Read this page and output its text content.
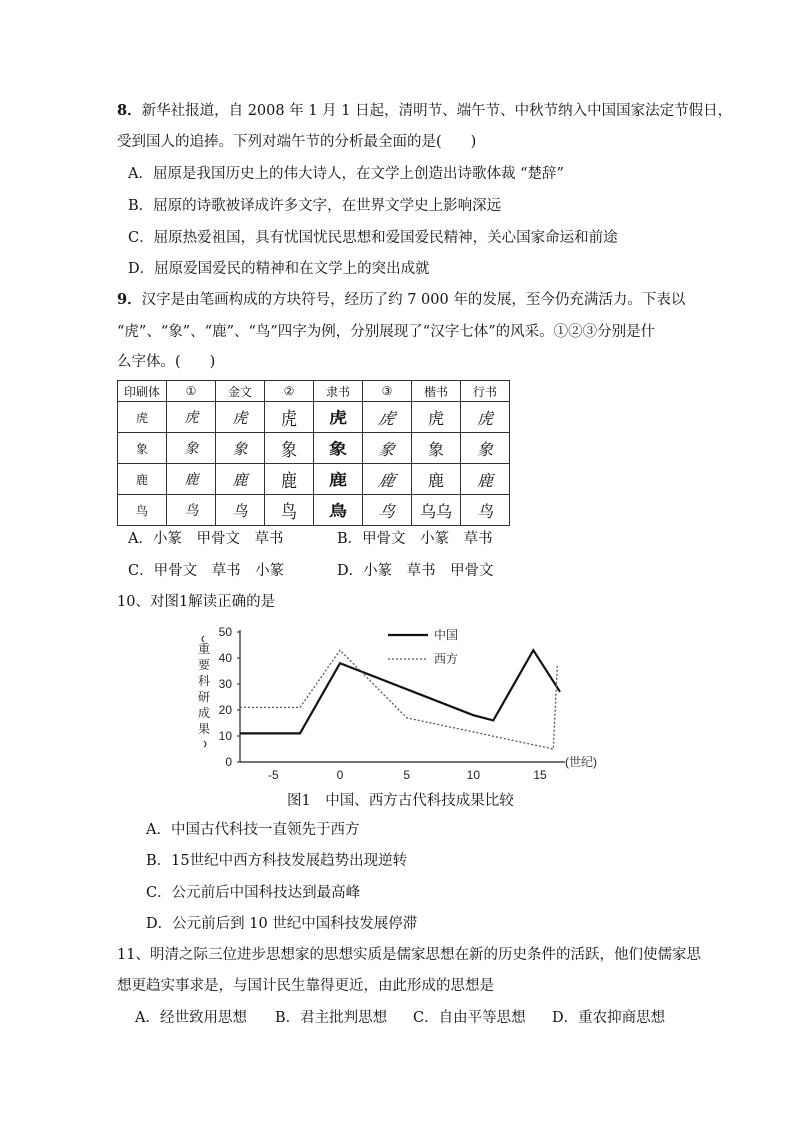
8．新华社报道，自 2008 年 1 月 1 日起，清明节、端午节、中秋节纳入中国国家法定节假日，
受到国人的追捧。下列对端午节的分析最全面的是(　　)
A．屈原是我国历史上的伟大诗人，在文学上创造出诗歌体裁 “楚辞”
B．屈原的诗歌被译成许多文字，在世界文学史上影响深远
C．屈原热爱祖国，具有忧国忧民思想和爱国爱民精神，关心国家命运和前途
D．屈原爱国爱民的精神和在文学上的突出成就
9．汉字是由笔画构成的方块符号，经历了约 7 000 年的发展，至今仍充满活力。下表以
“虎”、“象”、“鹿”、“鸟”四字为例，分别展现了“汉字七体”的风采。①②③分别是什
么字体。(　　)
印刷体	①	金文	②	隶书	③	楷书	行书
虎	虎	虎	虎	虎	虎	虎	虎
象	象	象	象	象	象	象	象
鹿	鹿	鹿	鹿	鹿	鹿	鹿	鹿
鸟	鸟	鸟	鸟	鳥	鸟	乌乌	鸟
A．小篆　甲骨文　草书	B．甲骨文　小篆　草书
C．甲骨文　草书　小篆	D．小篆　草书　甲骨文
10、对图1解读正确的是
0
10
20
30
40
50
-5	0	5	10	15
中国
西方
重
要
科
研
成
果
(世纪)
图1　中国、西方古代科技成果比较
A．中国古代科技一直领先于西方
B．15世纪中西方科技发展趋势出现逆转
C．公元前后中国科技达到最高峰
D．公元前后到 10 世纪中国科技发展停滞
11、明清之际三位进步思想家的思想实质是儒家思想在新的历史条件的活跃，他们使儒家思
想更趋实事求是，与国计民生靠得更近，由此形成的思想是
A．经世致用思想 B．君主批判思想 C．自由平等思想 D．重农抑商思想
